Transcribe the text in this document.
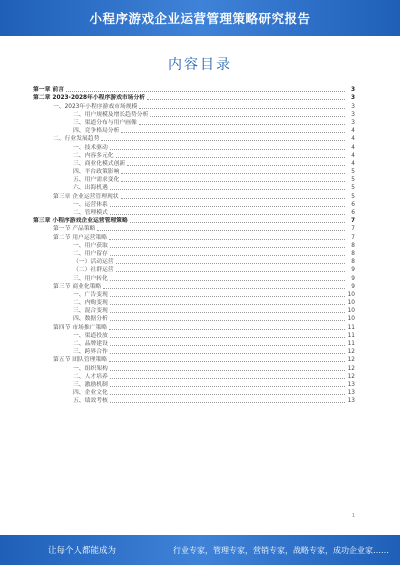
小程序游戏企业运营管理策略研究报告
内容目录
第一章 前言	3
第二章 2023-2028年小程序游戏市场分析	3
一、2023年小程序游戏市场规模	3
二、用户规模及增长趋势分析	3
三、渠道分布与用户画像	3
四、竞争格局分析	4
二、行业发展趋势	4
一、技术驱动	4
二、内容多元化	4
三、商业化模式创新	4
四、平台政策影响	5
五、用户需求变化	5
六、出海机遇	5
第三章 企业运营管理现状	5
一、运营体系	6
二、管理模式	6
第三章 小程序游戏企业运营管理策略	7
第一节 产品策略	7
第二节 用户运营策略	7
一、用户获取	8
二、用户留存	8
（一）活动运营	8
（二）社群运营	9
三、用户转化	9
第三节 商业化策略	9
一、广告变现	10
二、内购变现	10
三、混合变现	10
四、数据分析	10
第四节 市场推广策略	11
一、渠道投放	11
二、品牌建设	11
三、跨界合作	12
第五节 团队管理策略	12
一、组织架构	12
二、人才培养	12
三、激励机制	13
四、企业文化	13
五、绩效考核	13
1
让每个人都能成为	行业专家，管理专家，营销专家，战略专家，成功企业家……
